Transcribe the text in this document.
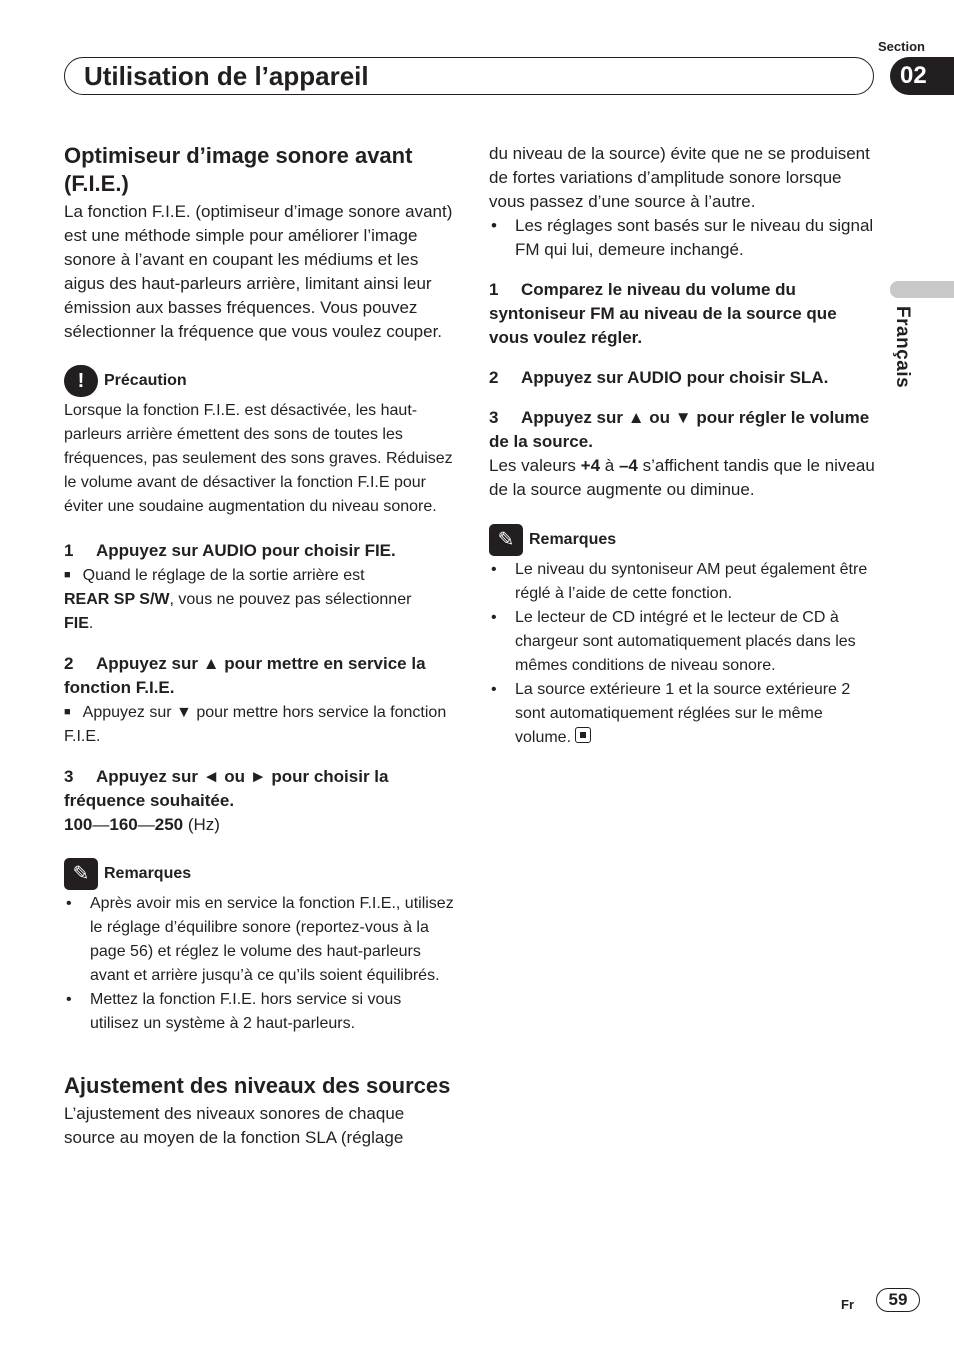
Section
02
Utilisation de l’appareil
Français
Optimiseur d’image sonore avant (F.I.E.)

La fonction F.I.E. (optimiseur d’image sonore avant) est une méthode simple pour améliorer l’image sonore à l’avant en coupant les médiums et les aigus des haut-parleurs arrière, limitant ainsi leur émission aux basses fréquences. Vous pouvez sélectionner la fréquence que vous voulez couper.

!	Précaution

Lorsque la fonction F.I.E. est désactivée, les haut-parleurs arrière émettent des sons de toutes les fréquences, pas seulement des sons graves. Réduisez le volume avant de désactiver la fonction F.I.E pour éviter une soudaine augmentation du niveau sonore.

1 Appuyez sur AUDIO pour choisir FIE.

■ Quand le réglage de la sortie arrière est
REAR SP S/W, vous ne pouvez pas sélectionner
FIE.

2 Appuyez sur ▲ pour mettre en service la fonction F.I.E.

■ Appuyez sur ▼ pour mettre hors service la fonction F.I.E.

3 Appuyez sur ◄ ou ► pour choisir la fréquence souhaitée.

100—160—250 (Hz)

✎ Remarques
• Après avoir mis en service la fonction F.I.E., utilisez le réglage d’équilibre sonore (reportez-vous à la page 56) et réglez le volume des haut-parleurs avant et arrière jusqu’à ce qu’ils soient équilibrés.
• Mettez la fonction F.I.E. hors service si vous utilisez un système à 2 haut-parleurs.
Ajustement des niveaux des sources

L’ajustement des niveaux sonores de chaque source au moyen de la fonction SLA (réglage

du niveau de la source) évite que ne se produisent de fortes variations d’amplitude sonore lorsque vous passez d’une source à l’autre.

• Les réglages sont basés sur le niveau du signal FM qui lui, demeure inchangé.

1 Comparez le niveau du volume du syntoniseur FM au niveau de la source que vous voulez régler.

2 Appuyez sur AUDIO pour choisir SLA.

3 Appuyez sur ▲ ou ▼ pour régler le volume de la source.

Les valeurs +4 à –4 s’affichent tandis que le niveau de la source augmente ou diminue.

✎ Remarques
• Le niveau du syntoniseur AM peut également être réglé à l’aide de cette fonction.
• Le lecteur de CD intégré et le lecteur de CD à chargeur sont automatiquement placés dans les mêmes conditions de niveau sonore.
• La source extérieure 1 et la source extérieure 2 sont automatiquement réglées sur le même volume.
Fr	59
